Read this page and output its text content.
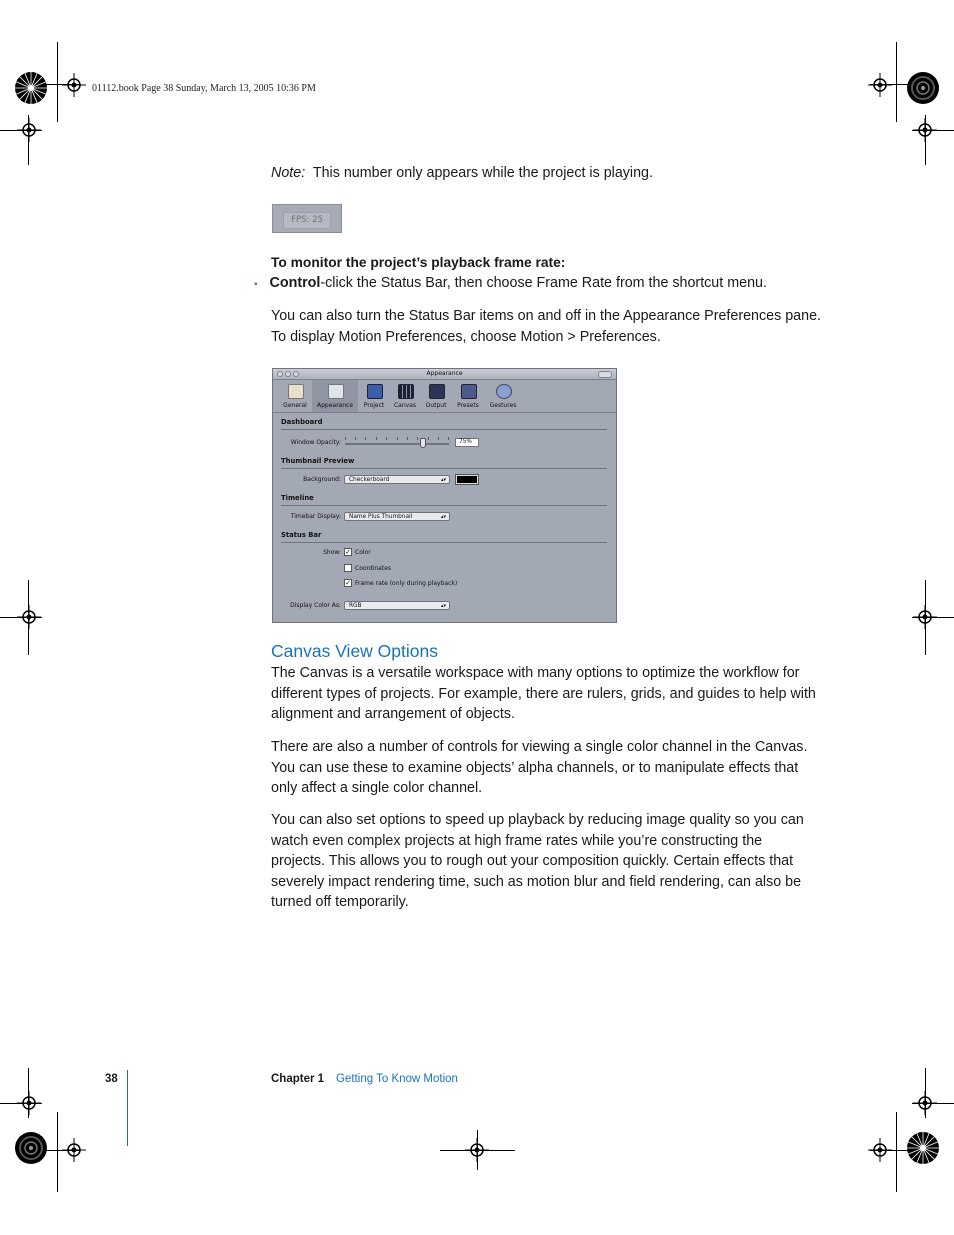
01112.book Page 38 Sunday, March 13, 2005 10:36 PM
Note: This number only appears while the project is playing.
FPS: 25
To monitor the project’s playback frame rate:
▪ Control-click the Status Bar, then choose Frame Rate from the shortcut menu.
You can also turn the Status Bar items on and off in the Appearance Preferences pane.
To display Motion Preferences, choose Motion > Preferences.
Appearance
General	Appearance	Project	Canvas	Output	Presets	Gestures
Dashboard
Window Opacity:	75%
Thumbnail Preview
Background:	Checkerboard	▴▾
Timeline
Timebar Display:	Name Plus Thumbnail	▴▾
Status Bar
Show: ✓ Color
Coordinates
✓ Frame rate (only during playback)
Display Color As:	RGB	▴▾
Canvas View Options
The Canvas is a versatile workspace with many options to optimize the workflow for
different types of projects. For example, there are rulers, grids, and guides to help with
alignment and arrangement of objects.
There are also a number of controls for viewing a single color channel in the Canvas.
You can use these to examine objects’ alpha channels, or to manipulate effects that
only affect a single color channel.
You can also set options to speed up playback by reducing image quality so you can
watch even complex projects at high frame rates while you’re constructing the
projects. This allows you to rough out your composition quickly. Certain effects that
severely impact rendering time, such as motion blur and field rendering, can also be
turned off temporarily.
38	Chapter 1 Getting To Know Motion
